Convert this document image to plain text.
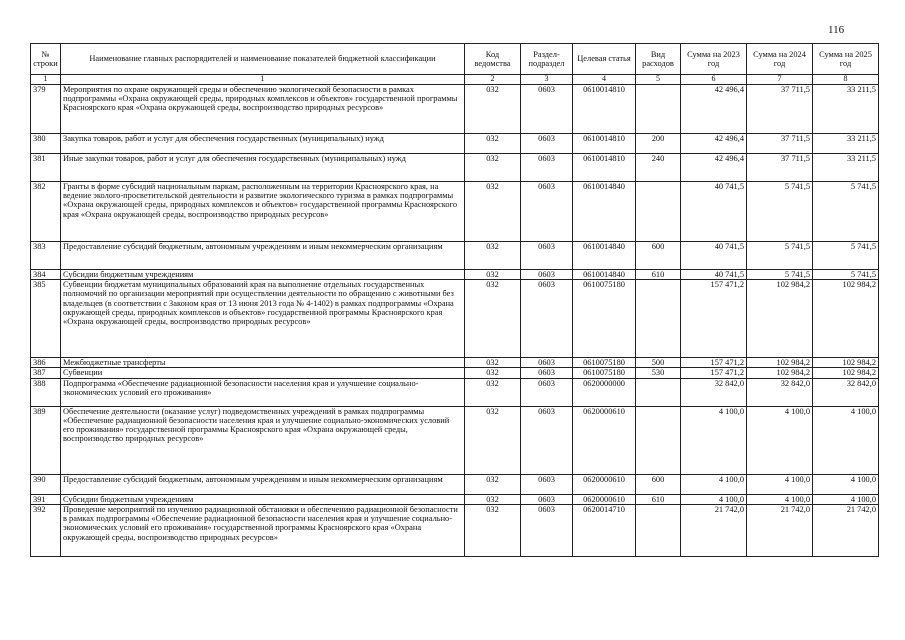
116
№ строки	Наименование главных распорядителей и наименование показателей бюджетной классификации	Код ведомства	Раздел-подраздел	Целевая статья	Вид расходов	Сумма на 2023 год	Сумма на 2024 год	Сумма на 2025 год
1	1	2	3	4	5	6	7	8
379	Мероприятия по охране окружающей среды и обеспечению экологической безопасности в рамках подпрограммы «Охрана окружающей среды, природных комплексов и объектов» государственной программы Красноярского края «Охрана окружающей среды, воспроизводство природных ресурсов»	032	0603	0610014810		42 496,4	37 711,5	33 211,5
380	Закупка товаров, работ и услуг для обеспечения государственных (муниципальных) нужд	032	0603	0610014810	200	42 496,4	37 711,5	33 211,5
381	Иные закупки товаров, работ и услуг для обеспечения государственных (муниципальных) нужд	032	0603	0610014810	240	42 496,4	37 711,5	33 211,5
382	Гранты в форме субсидий национальным паркам, расположенным на территории Красноярского края, на ведение эколого-просветительской деятельности и развитие экологического туризма в рамках подпрограммы «Охрана окружающей среды, природных комплексов и объектов» государственной программы Красноярского края «Охрана окружающей среды, воспроизводство природных ресурсов»	032	0603	0610014840		40 741,5	5 741,5	5 741,5
383	Предоставление субсидий бюджетным, автономным учреждениям и иным некоммерческим организациям	032	0603	0610014840	600	40 741,5	5 741,5	5 741,5
384	Субсидии бюджетным учреждениям	032	0603	0610014840	610	40 741,5	5 741,5	5 741,5
385	Субвенции бюджетам муниципальных образований края на выполнение отдельных государственных полномочий по организации мероприятий при осуществлении деятельности по обращению с животными без владельцев (в соответствии с Законом края от 13 июня 2013 года № 4-1402) в рамках подпрограммы «Охрана окружающей среды, природных комплексов и объектов» государственной программы Красноярского края «Охрана окружающей среды, воспроизводство природных ресурсов»	032	0603	0610075180		157 471,2	102 984,2	102 984,2
386	Межбюджетные трансферты	032	0603	0610075180	500	157 471,2	102 984,2	102 984,2
387	Субвенции	032	0603	0610075180	530	157 471,2	102 984,2	102 984,2
388	Подпрограмма «Обеспечение радиационной безопасности населения края и улучшение социально-экономических условий его проживания»	032	0603	0620000000		32 842,0	32 842,0	32 842,0
389	Обеспечение деятельности (оказание услуг) подведомственных учреждений в рамках подпрограммы «Обеспечение радиационной безопасности населения края и улучшение социально-экономических условий его проживания» государственной программы Красноярского края «Охрана окружающей среды, воспроизводство природных ресурсов»	032	0603	0620000610		4 100,0	4 100,0	4 100,0
390	Предоставление субсидий бюджетным, автономным учреждениям и иным некоммерческим организациям	032	0603	0620000610	600	4 100,0	4 100,0	4 100,0
391	Субсидии бюджетным учреждениям	032	0603	0620000610	610	4 100,0	4 100,0	4 100,0
392	Проведение мероприятий по изучению радиационной обстановки и обеспечению радиационной безопасности в рамках подпрограммы «Обеспечение радиационной безопасности населения края и улучшение социально-экономических условий его проживания» государственной программы Красноярского края «Охрана окружающей среды, воспроизводство природных ресурсов»	032	0603	0620014710		21 742,0	21 742,0	21 742,0
